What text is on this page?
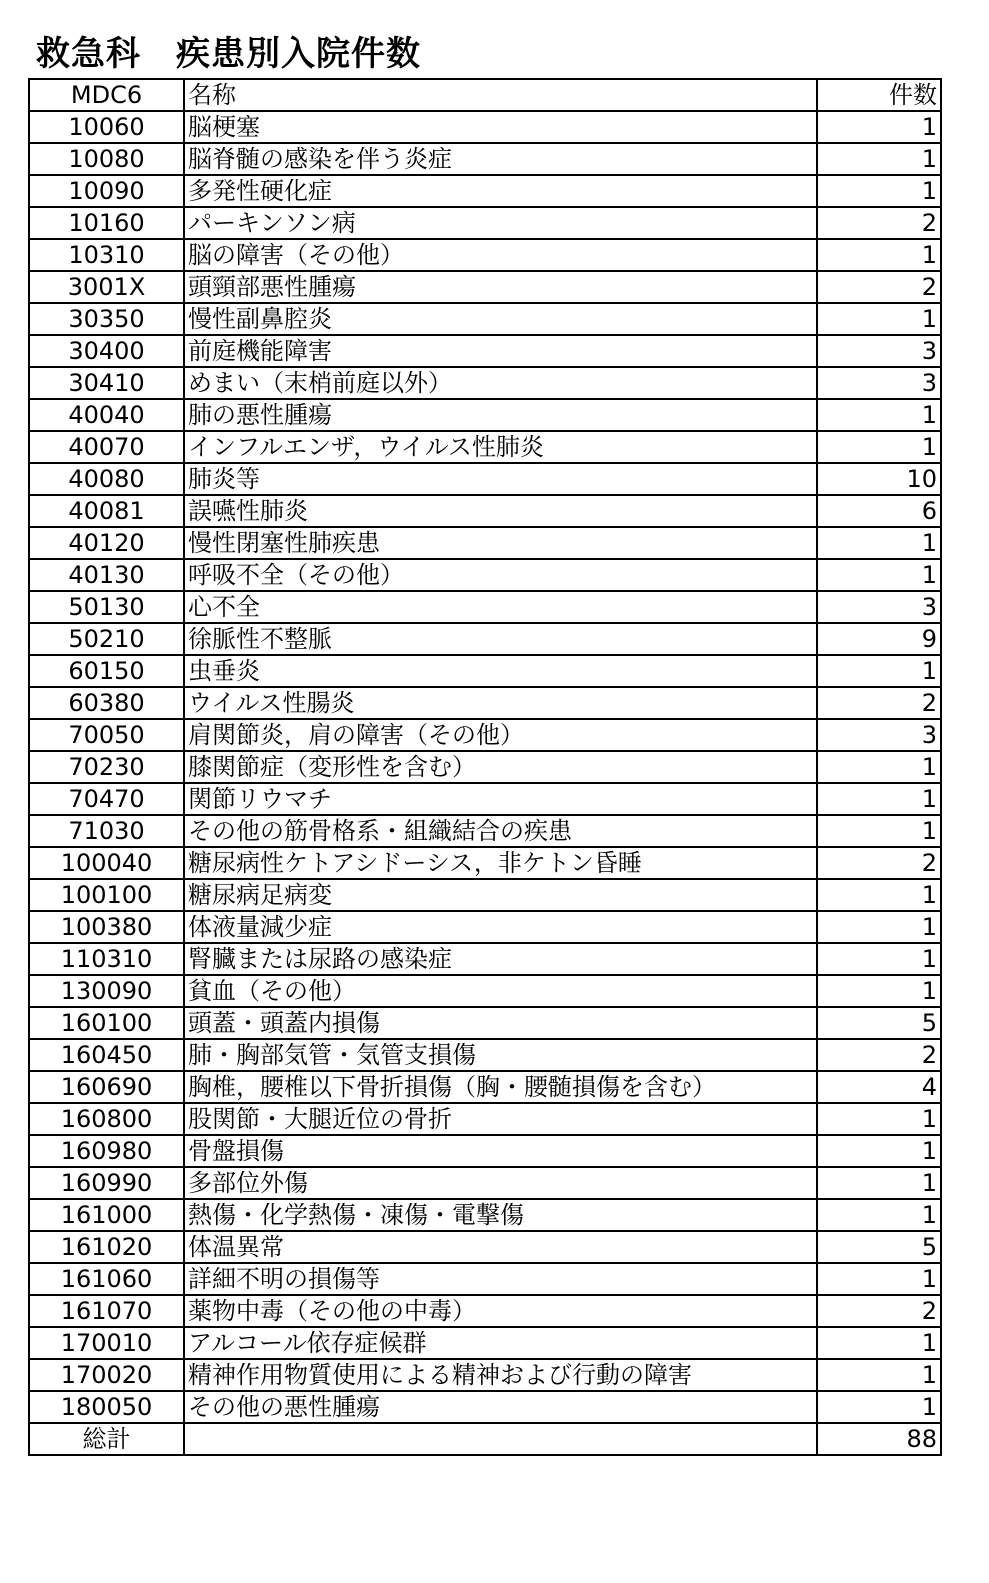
救急科　疾患別入院件数
MDC6	名称	件数
10060	脳梗塞	1
10080	脳脊髄の感染を伴う炎症	1
10090	多発性硬化症	1
10160	パーキンソン病	2
10310	脳の障害（その他）	1
3001X	頭頸部悪性腫瘍	2
30350	慢性副鼻腔炎	1
30400	前庭機能障害	3
30410	めまい（末梢前庭以外）	3
40040	肺の悪性腫瘍	1
40070	インフルエンザ，ウイルス性肺炎	1
40080	肺炎等	10
40081	誤嚥性肺炎	6
40120	慢性閉塞性肺疾患	1
40130	呼吸不全（その他）	1
50130	心不全	3
50210	徐脈性不整脈	9
60150	虫垂炎	1
60380	ウイルス性腸炎	2
70050	肩関節炎，肩の障害（その他）	3
70230	膝関節症（変形性を含む）	1
70470	関節リウマチ	1
71030	その他の筋骨格系・組織結合の疾患	1
100040	糖尿病性ケトアシドーシス，非ケトン昏睡	2
100100	糖尿病足病変	1
100380	体液量減少症	1
110310	腎臓または尿路の感染症	1
130090	貧血（その他）	1
160100	頭蓋・頭蓋内損傷	5
160450	肺・胸部気管・気管支損傷	2
160690	胸椎，腰椎以下骨折損傷（胸・腰髄損傷を含む）	4
160800	股関節・大腿近位の骨折	1
160980	骨盤損傷	1
160990	多部位外傷	1
161000	熱傷・化学熱傷・凍傷・電撃傷	1
161020	体温異常	5
161060	詳細不明の損傷等	1
161070	薬物中毒（その他の中毒）	2
170010	アルコール依存症候群	1
170020	精神作用物質使用による精神および行動の障害	1
180050	その他の悪性腫瘍	1
総計		88
